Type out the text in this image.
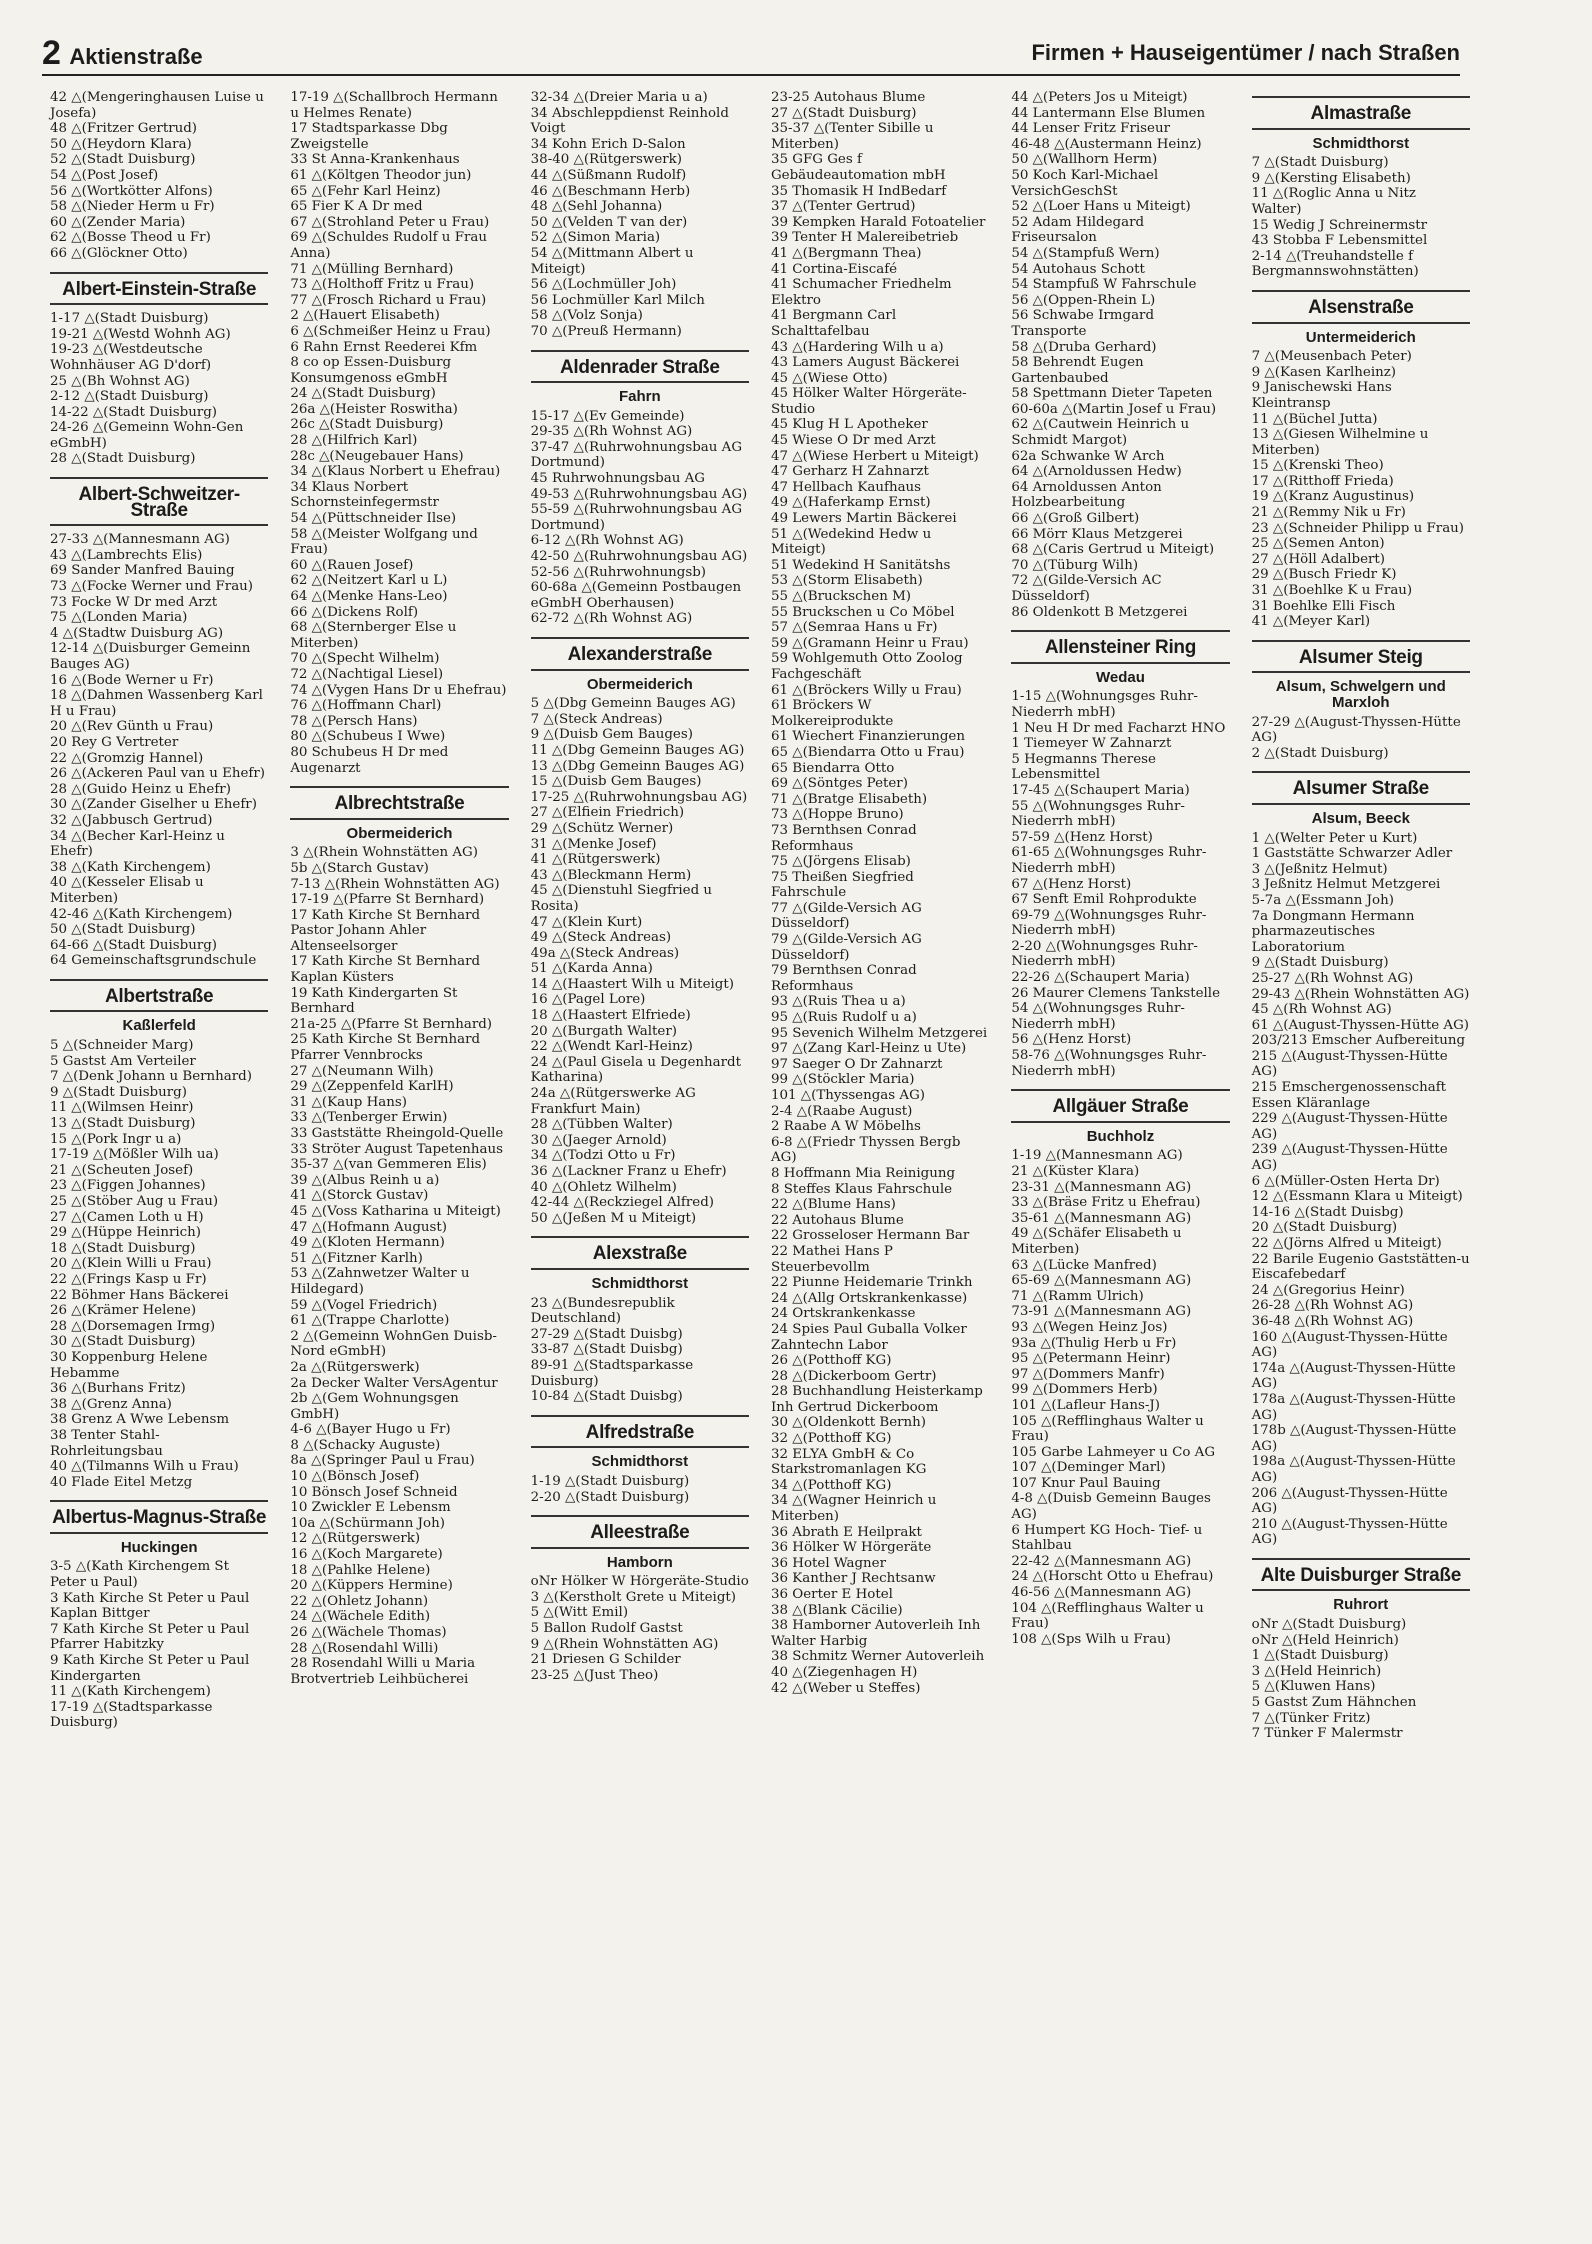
2 Aktienstraße	Firmen + Hauseigentümer / nach Straßen
42 △(Mengeringhausen Luise u Josefa)
48 △(Fritzer Gertrud)
50 △(Heydorn Klara)
52 △(Stadt Duisburg)
54 △(Post Josef)
56 △(Wortkötter Alfons)
58 △(Nieder Herm u Fr)
60 △(Zender Maria)
62 △(Bosse Theod u Fr)
66 △(Glöckner Otto)
Albert-Einstein-Straße
1-17 △(Stadt Duisburg)
19-21 △(Westd Wohnh AG)
19-23 △(Westdeutsche Wohnhäuser AG D'dorf)
25 △(Bh Wohnst AG)
2-12 △(Stadt Duisburg)
14-22 △(Stadt Duisburg)
24-26 △(Gemeinn Wohn-Gen eGmbH)
28 △(Stadt Duisburg)
Albert-Schweitzer-Straße
27-33 △(Mannesmann AG)
43 △(Lambrechts Elis)
69 Sander Manfred Bauing
73 △(Focke Werner und Frau)
73 Focke W Dr med Arzt
75 △(Londen Maria)
4 △(Stadtw Duisburg AG)
12-14 △(Duisburger Gemeinn Bauges AG)
16 △(Bode Werner u Fr)
18 △(Dahmen Wassenberg Karl H u Frau)
20 △(Rev Günth u Frau)
20 Rey G Vertreter
22 △(Gromzig Hannel)
26 △(Ackeren Paul van u Ehefr)
28 △(Guido Heinz u Ehefr)
30 △(Zander Giselher u Ehefr)
32 △(Jabbusch Gertrud)
34 △(Becher Karl-Heinz u Ehefr)
38 △(Kath Kirchengem)
40 △(Kesseler Elisab u Miterben)
42-46 △(Kath Kirchengem)
50 △(Stadt Duisburg)
64-66 △(Stadt Duisburg)
64 Gemeinschaftsgrundschule
Albertstraße
Kaßlerfeld
5 △(Schneider Marg)
5 Gastst Am Verteiler
7 △(Denk Johann u Bernhard)
9 △(Stadt Duisburg)
11 △(Wilmsen Heinr)
13 △(Stadt Duisburg)
15 △(Pork Ingr u a)
17-19 △(Mößler Wilh ua)
21 △(Scheuten Josef)
23 △(Figgen Johannes)
25 △(Stöber Aug u Frau)
27 △(Camen Loth u H)
29 △(Hüppe Heinrich)
18 △(Stadt Duisburg)
20 △(Klein Willi u Frau)
22 △(Frings Kasp u Fr)
22 Böhmer Hans Bäckerei
26 △(Krämer Helene)
28 △(Dorsemagen Irmg)
30 △(Stadt Duisburg)
30 Koppenburg Helene Hebamme
36 △(Burhans Fritz)
38 △(Grenz Anna)
38 Grenz A Wwe Lebensm
38 Tenter Stahl-Rohrleitungsbau
40 △(Tilmanns Wilh u Frau)
40 Flade Eitel Metzg
Albertus-Magnus-Straße
Huckingen
3-5 △(Kath Kirchengem St Peter u Paul)
3 Kath Kirche St Peter u Paul Kaplan Bittger
7 Kath Kirche St Peter u Paul Pfarrer Habitzky
9 Kath Kirche St Peter u Paul Kindergarten
11 △(Kath Kirchengem)
17-19 △(Stadtsparkasse Duisburg)
17-19 △(Schallbroch Hermann u Helmes Renate)
17 Stadtsparkasse Dbg Zweigstelle
33 St Anna-Krankenhaus
61 △(Költgen Theodor jun)
65 △(Fehr Karl Heinz)
65 Fier K A Dr med
67 △(Strohland Peter u Frau)
69 △(Schuldes Rudolf u Frau Anna)
71 △(Mülling Bernhard)
73 △(Holthoff Fritz u Frau)
77 △(Frosch Richard u Frau)
2 △(Hauert Elisabeth)
6 △(Schmeißer Heinz u Frau)
6 Rahn Ernst Reederei Kfm
8 co op Essen-Duisburg Konsumgenoss eGmbH
24 △(Stadt Duisburg)
26a △(Heister Roswitha)
26c △(Stadt Duisburg)
28 △(Hilfrich Karl)
28c △(Neugebauer Hans)
34 △(Klaus Norbert u Ehefrau)
34 Klaus Norbert Schornsteinfegermstr
54 △(Püttschneider Ilse)
58 △(Meister Wolfgang und Frau)
60 △(Rauen Josef)
62 △(Neitzert Karl u L)
64 △(Menke Hans-Leo)
66 △(Dickens Rolf)
68 △(Sternberger Else u Miterben)
70 △(Specht Wilhelm)
72 △(Nachtigal Liesel)
74 △(Vygen Hans Dr u Ehefrau)
76 △(Hoffmann Charl)
78 △(Persch Hans)
80 △(Schubeus I Wwe)
80 Schubeus H Dr med Augenarzt
Albrechtstraße
Obermeiderich
3 △(Rhein Wohnstätten AG)
5b △(Starch Gustav)
7-13 △(Rhein Wohnstätten AG)
17-19 △(Pfarre St Bernhard)
17 Kath Kirche St Bernhard Pastor Johann Ahler Altenseelsorger
17 Kath Kirche St Bernhard Kaplan Küsters
19 Kath Kindergarten St Bernhard
21a-25 △(Pfarre St Bernhard)
25 Kath Kirche St Bernhard Pfarrer Vennbrocks
27 △(Neumann Wilh)
29 △(Zeppenfeld KarlH)
31 △(Kaup Hans)
33 △(Tenberger Erwin)
33 Gaststätte Rheingold-Quelle
33 Ströter August Tapetenhaus
35-37 △(van Gemmeren Elis)
39 △(Albus Reinh u a)
41 △(Storck Gustav)
45 △(Voss Katharina u Miteigt)
47 △(Hofmann August)
49 △(Kloten Hermann)
51 △(Fitzner Karlh)
53 △(Zahnwetzer Walter u Hildegard)
59 △(Vogel Friedrich)
61 △(Trappe Charlotte)
2 △(Gemeinn WohnGen Duisb-Nord eGmbH)
2a △(Rütgerswerk)
2a Decker Walter VersAgentur
2b △(Gem Wohnungsgen GmbH)
4-6 △(Bayer Hugo u Fr)
8 △(Schacky Auguste)
8a △(Springer Paul u Frau)
10 △(Bönsch Josef)
10 Bönsch Josef Schneid
10 Zwickler E Lebensm
10a △(Schürmann Joh)
12 △(Rütgerswerk)
16 △(Koch Margarete)
18 △(Pahlke Helene)
20 △(Küppers Hermine)
22 △(Ohletz Johann)
24 △(Wächele Edith)
26 △(Wächele Thomas)
28 △(Rosendahl Willi)
28 Rosendahl Willi u Maria Brotvertrieb Leihbücherei
32-34 △(Dreier Maria u a)
34 Abschleppdienst Reinhold Voigt
34 Kohn Erich D-Salon
38-40 △(Rütgerswerk)
44 △(Süßmann Rudolf)
46 △(Beschmann Herb)
48 △(Sehl Johanna)
50 △(Velden T van der)
52 △(Simon Maria)
54 △(Mittmann Albert u Miteigt)
56 △(Lochmüller Joh)
56 Lochmüller Karl Milch
58 △(Volz Sonja)
70 △(Preuß Hermann)
Aldenrader Straße
Fahrn
15-17 △(Ev Gemeinde)
29-35 △(Rh Wohnst AG)
37-47 △(Ruhrwohnungsbau AG Dortmund)
45 Ruhrwohnungsbau AG
49-53 △(Ruhrwohnungsbau AG)
55-59 △(Ruhrwohnungsbau AG Dortmund)
6-12 △(Rh Wohnst AG)
42-50 △(Ruhrwohnungsbau AG)
52-56 △(Ruhrwohnungsb)
60-68a △(Gemeinn Postbaugen eGmbH Oberhausen)
62-72 △(Rh Wohnst AG)
Alexanderstraße
Obermeiderich
5 △(Dbg Gemeinn Bauges AG)
7 △(Steck Andreas)
9 △(Duisb Gem Bauges)
11 △(Dbg Gemeinn Bauges AG)
13 △(Dbg Gemeinn Bauges AG)
15 △(Duisb Gem Bauges)
17-25 △(Ruhrwohnungsbau AG)
27 △(Elfiein Friedrich)
29 △(Schütz Werner)
31 △(Menke Josef)
41 △(Rütgerswerk)
43 △(Bleckmann Herm)
45 △(Dienstuhl Siegfried u Rosita)
47 △(Klein Kurt)
49 △(Steck Andreas)
49a △(Steck Andreas)
51 △(Karda Anna)
14 △(Haastert Wilh u Miteigt)
16 △(Pagel Lore)
18 △(Haastert Elfriede)
20 △(Burgath Walter)
22 △(Wendt Karl-Heinz)
24 △(Paul Gisela u Degenhardt Katharina)
24a △(Rütgerswerke AG Frankfurt Main)
28 △(Tübben Walter)
30 △(Jaeger Arnold)
34 △(Todzi Otto u Fr)
36 △(Lackner Franz u Ehefr)
40 △(Ohletz Wilhelm)
42-44 △(Reckziegel Alfred)
50 △(Jeßen M u Miteigt)
Alexstraße
Schmidthorst
23 △(Bundesrepublik Deutschland)
27-29 △(Stadt Duisbg)
33-87 △(Stadt Duisbg)
89-91 △(Stadtsparkasse Duisburg)
10-84 △(Stadt Duisbg)
Alfredstraße
Schmidthorst
1-19 △(Stadt Duisburg)
2-20 △(Stadt Duisburg)
Alleestraße
Hamborn
oNr Hölker W Hörgeräte-Studio
3 △(Kerstholt Grete u Miteigt)
5 △(Witt Emil)
5 Ballon Rudolf Gastst
9 △(Rhein Wohnstätten AG)
21 Driesen G Schilder
23-25 △(Just Theo)
23-25 Autohaus Blume
27 △(Stadt Duisburg)
35-37 △(Tenter Sibille u Miterben)
35 GFG Ges f Gebäudeautomation mbH
35 Thomasik H IndBedarf
37 △(Tenter Gertrud)
39 Kempken Harald Fotoatelier
39 Tenter H Malereibetrieb
41 △(Bergmann Thea)
41 Cortina-Eiscafé
41 Schumacher Friedhelm Elektro
41 Bergmann Carl Schalttafelbau
43 △(Hardering Wilh u a)
43 Lamers August Bäckerei
45 △(Wiese Otto)
45 Hölker Walter Hörgeräte-Studio
45 Klug H L Apotheker
45 Wiese O Dr med Arzt
47 △(Wiese Herbert u Miteigt)
47 Gerharz H Zahnarzt
47 Hellbach Kaufhaus
49 △(Haferkamp Ernst)
49 Lewers Martin Bäckerei
51 △(Wedekind Hedw u Miteigt)
51 Wedekind H Sanitätshs
53 △(Storm Elisabeth)
55 △(Bruckschen M)
55 Bruckschen u Co Möbel
57 △(Semraa Hans u Fr)
59 △(Gramann Heinr u Frau)
59 Wohlgemuth Otto Zoolog Fachgeschäft
61 △(Bröckers Willy u Frau)
61 Bröckers W Molkereiprodukte
61 Wiechert Finanzierungen
65 △(Biendarra Otto u Frau)
65 Biendarra Otto
69 △(Söntges Peter)
71 △(Bratge Elisabeth)
73 △(Hoppe Bruno)
73 Bernthsen Conrad Reformhaus
75 △(Jörgens Elisab)
75 Theißen Siegfried Fahrschule
77 △(Gilde-Versich AG Düsseldorf)
79 △(Gilde-Versich AG Düsseldorf)
79 Bernthsen Conrad Reformhaus
93 △(Ruis Thea u a)
95 △(Ruis Rudolf u a)
95 Sevenich Wilhelm Metzgerei
97 △(Zang Karl-Heinz u Ute)
97 Saeger O Dr Zahnarzt
99 △(Stöckler Maria)
101 △(Thyssengas AG)
2-4 △(Raabe August)
2 Raabe A W Möbelhs
6-8 △(Friedr Thyssen Bergb AG)
8 Hoffmann Mia Reinigung
8 Steffes Klaus Fahrschule
22 △(Blume Hans)
22 Autohaus Blume
22 Grosseloser Hermann Bar
22 Mathei Hans P Steuerbevollm
22 Piunne Heidemarie Trinkh
24 △(Allg Ortskrankenkasse)
24 Ortskrankenkasse
24 Spies Paul Guballa Volker Zahntechn Labor
26 △(Potthoff KG)
28 △(Dickerboom Gertr)
28 Buchhandlung Heisterkamp Inh Gertrud Dickerboom
30 △(Oldenkott Bernh)
32 △(Potthoff KG)
32 ELYA GmbH & Co Starkstromanlagen KG
34 △(Potthoff KG)
34 △(Wagner Heinrich u Miterben)
36 Abrath E Heilprakt
36 Hölker W Hörgeräte
36 Hotel Wagner
36 Kanther J Rechtsanw
36 Oerter E Hotel
38 △(Blank Cäcilie)
38 Hamborner Autoverleih Inh Walter Harbig
38 Schmitz Werner Autoverleih
40 △(Ziegenhagen H)
42 △(Weber u Steffes)
44 △(Peters Jos u Miteigt)
44 Lantermann Else Blumen
44 Lenser Fritz Friseur
46-48 △(Austermann Heinz)
50 △(Wallhorn Herm)
50 Koch Karl-Michael VersichGeschSt
52 △(Loer Hans u Miteigt)
52 Adam Hildegard Friseursalon
54 △(Stampfuß Wern)
54 Autohaus Schott
54 Stampfuß W Fahrschule
56 △(Oppen-Rhein L)
56 Schwabe Irmgard Transporte
58 △(Druba Gerhard)
58 Behrendt Eugen Gartenbaubed
58 Spettmann Dieter Tapeten
60-60a △(Martin Josef u Frau)
62 △(Cautwein Heinrich u Schmidt Margot)
62a Schwanke W Arch
64 △(Arnoldussen Hedw)
64 Arnoldussen Anton Holzbearbeitung
66 △(Groß Gilbert)
66 Mörr Klaus Metzgerei
68 △(Caris Gertrud u Miteigt)
70 △(Tüburg Wilh)
72 △(Gilde-Versich AC Düsseldorf)
86 Oldenkott B Metzgerei
Allensteiner Ring
Wedau
1-15 △(Wohnungsges Ruhr-Niederrh mbH)
1 Neu H Dr med Facharzt HNO
1 Tiemeyer W Zahnarzt
5 Hegmanns Therese Lebensmittel
17-45 △(Schaupert Maria)
55 △(Wohnungsges Ruhr-Niederrh mbH)
57-59 △(Henz Horst)
61-65 △(Wohnungsges Ruhr-Niederrh mbH)
67 △(Henz Horst)
67 Senft Emil Rohprodukte
69-79 △(Wohnungsges Ruhr-Niederrh mbH)
2-20 △(Wohnungsges Ruhr-Niederrh mbH)
22-26 △(Schaupert Maria)
26 Maurer Clemens Tankstelle
54 △(Wohnungsges Ruhr-Niederrh mbH)
56 △(Henz Horst)
58-76 △(Wohnungsges Ruhr-Niederrh mbH)
Allgäuer Straße
Buchholz
1-19 △(Mannesmann AG)
21 △(Küster Klara)
23-31 △(Mannesmann AG)
33 △(Bräse Fritz u Ehefrau)
35-61 △(Mannesmann AG)
49 △(Schäfer Elisabeth u Miterben)
63 △(Lücke Manfred)
65-69 △(Mannesmann AG)
71 △(Ramm Ulrich)
73-91 △(Mannesmann AG)
93 △(Wegen Heinz Jos)
93a △(Thulig Herb u Fr)
95 △(Petermann Heinr)
97 △(Dommers Manfr)
99 △(Dommers Herb)
101 △(Lafleur Hans-J)
105 △(Refflinghaus Walter u Frau)
105 Garbe Lahmeyer u Co AG
107 △(Deminger Marl)
107 Knur Paul Bauing
4-8 △(Duisb Gemeinn Bauges AG)
6 Humpert KG Hoch- Tief- u Stahlbau
22-42 △(Mannesmann AG)
24 △(Horscht Otto u Ehefrau)
46-56 △(Mannesmann AG)
104 △(Refflinghaus Walter u Frau)
108 △(Sps Wilh u Frau)
Almastraße
Schmidthorst
7 △(Stadt Duisburg)
9 △(Kersting Elisabeth)
11 △(Roglic Anna u Nitz Walter)
15 Wedig J Schreinermstr
43 Stobba F Lebensmittel
2-14 △(Treuhandstelle f Bergmannswohnstätten)
Alsenstraße
Untermeiderich
7 △(Meusenbach Peter)
9 △(Kasen Karlheinz)
9 Janischewski Hans Kleintransp
11 △(Büchel Jutta)
13 △(Giesen Wilhelmine u Miterben)
15 △(Krenski Theo)
17 △(Ritthoff Frieda)
19 △(Kranz Augustinus)
21 △(Remmy Nik u Fr)
23 △(Schneider Philipp u Frau)
25 △(Semen Anton)
27 △(Höll Adalbert)
29 △(Busch Friedr K)
31 △(Boehlke K u Frau)
31 Boehlke Elli Fisch
41 △(Meyer Karl)
Alsumer Steig
Alsum, Schwelgern und Marxloh
27-29 △(August-Thyssen-Hütte AG)
2 △(Stadt Duisburg)
Alsumer Straße
Alsum, Beeck
1 △(Welter Peter u Kurt)
1 Gaststätte Schwarzer Adler
3 △(Jeßnitz Helmut)
3 Jeßnitz Helmut Metzgerei
5-7a △(Essmann Joh)
7a Dongmann Hermann pharmazeutisches Laboratorium
9 △(Stadt Duisburg)
25-27 △(Rh Wohnst AG)
29-43 △(Rhein Wohnstätten AG)
45 △(Rh Wohnst AG)
61 △(August-Thyssen-Hütte AG)
203/213 Emscher Aufbereitung
215 △(August-Thyssen-Hütte AG)
215 Emschergenossenschaft Essen Kläranlage
229 △(August-Thyssen-Hütte AG)
239 △(August-Thyssen-Hütte AG)
6 △(Müller-Osten Herta Dr)
12 △(Essmann Klara u Miteigt)
14-16 △(Stadt Duisbg)
20 △(Stadt Duisburg)
22 △(Jörns Alfred u Miteigt)
22 Barile Eugenio Gaststätten-u Eiscafebedarf
24 △(Gregorius Heinr)
26-28 △(Rh Wohnst AG)
36-48 △(Rh Wohnst AG)
160 △(August-Thyssen-Hütte AG)
174a △(August-Thyssen-Hütte AG)
178a △(August-Thyssen-Hütte AG)
178b △(August-Thyssen-Hütte AG)
198a △(August-Thyssen-Hütte AG)
206 △(August-Thyssen-Hütte AG)
210 △(August-Thyssen-Hütte AG)
Alte Duisburger Straße
Ruhrort
oNr △(Stadt Duisburg)
oNr △(Held Heinrich)
1 △(Stadt Duisburg)
3 △(Held Heinrich)
5 △(Kluwen Hans)
5 Gastst Zum Hähnchen
7 △(Tünker Fritz)
7 Tünker F Malermstr
